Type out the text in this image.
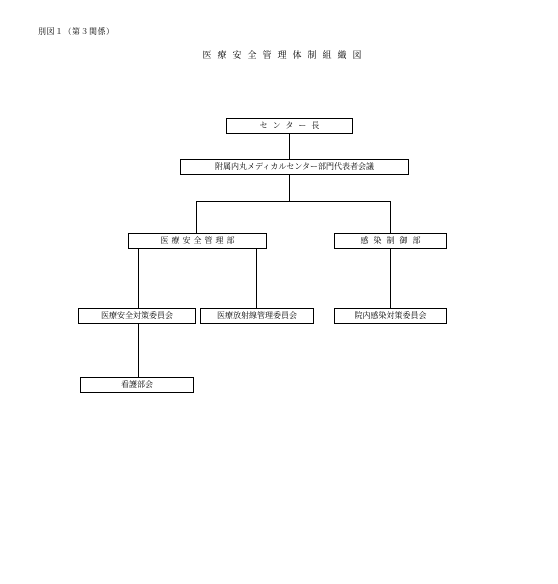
別図１（第３関係）
医療安全管理体制組織図
センター長
附属内丸メディカルセンター部門代表者会議
医療安全管理部	感染制御部
医療安全対策委員会	医療放射線管理委員会	院内感染対策委員会
看護部会
